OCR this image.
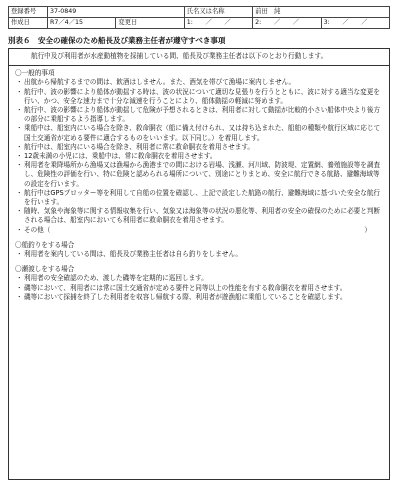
登録番号	37-0849		氏名又は名称	前田　純	
作成日	R7／4／15	変更日	1:　　／　　／	2:　　／　　／	3:　　／　　／
別表６　安全の確保のため船長及び業務主任者が遵守すべき事項
航行中及び利用者が水産動植物を採捕している間、船長及び業務主任者は以下のとおり行動します。
〇一般的事項
・ 出航から帰航するまでの間は、飲酒はしません。また、酒気を帯びて漁場に案内しません。
・ 航行中、波の影響により船体が動揺する時は、波の状況について適切な見張りを行うとともに、波に対する適当な変更を行い、かつ、安全な速力まで十分な減速を行うことにより、船体動揺の軽減に努めます。
・ 航行中、波の影響により船体が動揺して危険が予想されるときは、利用者に対して動揺が比較的小さい船体中央より後方の部分に乗船するよう指導します。
・ 乗船中は、船室内にいる場合を除き、救命胴衣（船に備え付けられ、又は持ち込まれた、船舶の種類や航行区域に応じて国土交通省が定める要件に適合するものをいいます。以下同じ。）を着用します。
・ 航行中は、船室内にいる場合を除き、利用者に常に救命胴衣を着用させます。
・ 12歳未満の小児には、乗船中は、常に救命胴衣を着用させます。
・ 利用者を乗降場所から漁場又は漁場から漁港までの間における岩場、浅瀬、河川域、防波堤、定置網、養殖施設等を調査し、危険性の評価を行い、特に危険と認められる場所について、別途にとりまとめ、安全に航行できる航路、避難海域等の設定を行います。
・ 航行中はGPSプロッター等を利用して自船の位置を確認し、上記で設定した航路の航行、避難海域に基づいた安全な航行を行います。
・ 随時、気象や海象等に関する情報収集を行い、気象又は海象等の状況の悪化等、利用者の安全の確保のために必要と判断される場合は、船室内においても利用者に救命胴衣を着用させます。
・ その他（	）
〇船釣りをする場合
・ 利用者を案内している間は、船長及び業務主任者は自ら釣りをしません。
〇瀬渡しをする場合
・ 利用者の安全確認のため、渡した磯等を定期的に巡回します。
・ 磯等において、利用者には常に国土交通省が定める要件と同等以上の性能を有する救命胴衣を着用させます。
・ 磯等において採捕を終了した利用者を収容し帰航する際、利用者が遊漁船に乗船していることを確認します。
